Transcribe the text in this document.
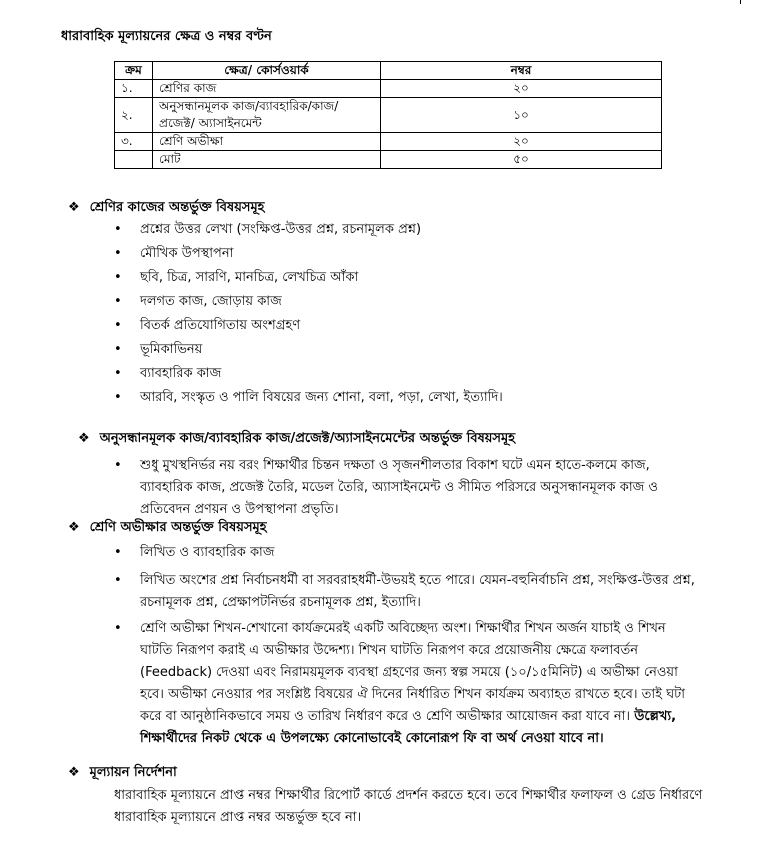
ধারাবাহিক মূল্যায়নের ক্ষেত্র ও নম্বর বণ্টন
ক্রম	ক্ষেত্র/ কোর্সওয়ার্ক	নম্বর
১.	শ্রেণির কাজ	২০
২.	অনুসন্ধানমূলক কাজ/ব্যাবহারিক/কাজ/প্রজেক্ট/ অ্যাসাইনমেন্ট	১০
৩.	শ্রেণি অভীক্ষা	২০
	মোট	৫০
❖ শ্রেণির কাজের অন্তর্ভুক্ত বিষয়সমূহ
• প্রশ্নের উত্তর লেখা (সংক্ষিপ্ত-উত্তর প্রশ্ন, রচনামূলক প্রশ্ন)
• মৌখিক উপস্থাপনা
• ছবি, চিত্র, সারণি, মানচিত্র, লেখচিত্র আঁকা
• দলগত কাজ, জোড়ায় কাজ
• বিতর্ক প্রতিযোগিতায় অংশগ্রহণ
• ভূমিকাভিনয়
• ব্যাবহারিক কাজ
• আরবি, সংস্কৃত ও পালি বিষয়ের জন্য শোনা, বলা, পড়া, লেখা, ইত্যাদি।
❖ অনুসন্ধানমূলক কাজ/ব্যাবহারিক কাজ/প্রজেক্ট/অ্যাসাইনমেন্টের অন্তর্ভুক্ত বিষয়সমূহ
• শুধু মুখস্থনির্ভর নয় বরং শিক্ষার্থীর চিন্তন দক্ষতা ও সৃজনশীলতার বিকাশ ঘটে এমন হাতে-কলমে কাজ, ব্যাবহারিক কাজ, প্রজেক্ট তৈরি, মডেল তৈরি, অ্যাসাইনমেন্ট ও সীমিত পরিসরে অনুসন্ধানমূলক কাজ ও প্রতিবেদন প্রণয়ন ও উপস্থাপনা প্রভৃতি।
❖ শ্রেণি অভীক্ষার অন্তর্ভুক্ত বিষয়সমূহ
• লিখিত ও ব্যাবহারিক কাজ
• লিখিত অংশের প্রশ্ন নির্বাচনধর্মী বা সরবরাহধর্মী-উভয়ই হতে পারে। যেমন-বহুনির্বাচনি প্রশ্ন, সংক্ষিপ্ত-উত্তর প্রশ্ন, রচনামূলক প্রশ্ন, প্রেক্ষাপটনির্ভর রচনামূলক প্রশ্ন, ইত্যাদি।
• শ্রেণি অভীক্ষা শিখন-শেখানো কার্যক্রমেরই একটি অবিচ্ছেদ্য অংশ। শিক্ষার্থীর শিখন অর্জন যাচাই ও শিখন ঘাটতি নিরূপণ করাই এ অভীক্ষার উদ্দেশ্য। শিখন ঘাটতি নিরূপণ করে প্রয়োজনীয় ক্ষেত্রে ফলাবর্তন (Feedback) দেওয়া এবং নিরাময়মূলক ব্যবস্থা গ্রহণের জন্য স্বল্প সময়ে (১০/১৫মিনিট) এ অভীক্ষা নেওয়া হবে। অভীক্ষা নেওয়ার পর সংশ্লিষ্ট বিষয়ের ঐ দিনের নির্ধারিত শিখন কার্যক্রম অব্যাহত রাখতে হবে। তাই ঘটা করে বা আনুষ্ঠানিকভাবে সময় ও তারিখ নির্ধারণ করে ও শ্রেণি অভীক্ষার আয়োজন করা যাবে না। উল্লেখ্য, শিক্ষার্থীদের নিকট থেকে এ উপলক্ষ্যে কোনোভাবেই কোনোরূপ ফি বা অর্থ নেওয়া যাবে না।
❖ মূল্যায়ন নির্দেশনা
ধারাবাহিক মূল্যায়নে প্রাপ্ত নম্বর শিক্ষার্থীর রিপোর্ট কার্ডে প্রদর্শন করতে হবে। তবে শিক্ষার্থীর ফলাফল ও গ্রেড নির্ধারণে ধারাবাহিক মূল্যায়নে প্রাপ্ত নম্বর অন্তর্ভুক্ত হবে না।
